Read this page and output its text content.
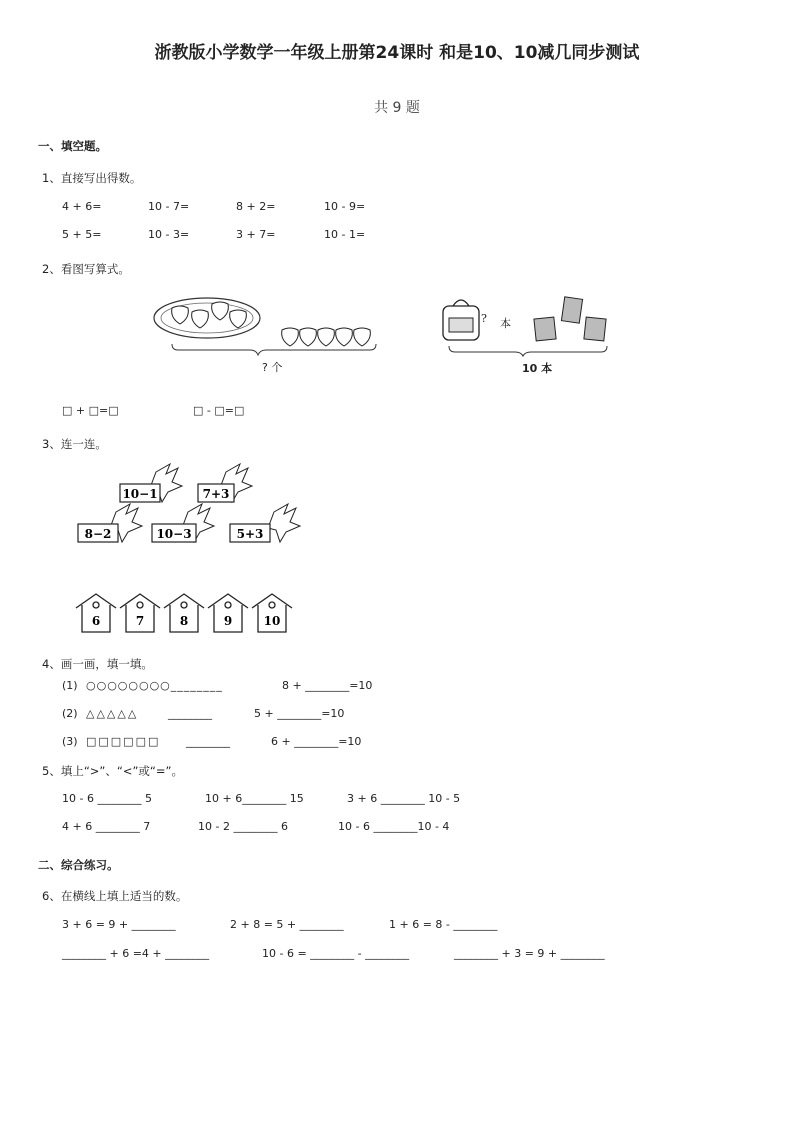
浙教版小学数学一年级上册第24课时 和是10、10减几同步测试
共 9 题
一、填空题。
1、直接写出得数。
4 + 6=	10 - 7=	8 + 2=	10 - 9=
5 + 5=	10 - 3=	3 + 7=	10 - 1=
2、看图写算式。
? 个
? 本
10 本
□ + □=□	□ - □=□
3、连一连。
10−1	7+3
8−2	10−3	5+3
6	7	8	9	10
4、画一画，填一填。
(1) ○○○○○○○○________	8 + ________=10
(2) △△△△△	________	5 + ________=10
(3) □□□□□□ ________	6 + ________=10
5、填上“>”、“<”或“=”。
10 - 6 ________ 5	10 + 6________ 15	3 + 6 ________ 10 - 5
4 + 6 ________ 7	10 - 2 ________ 6	10 - 6 ________10 - 4
二、综合练习。
6、在横线上填上适当的数。
3 + 6 = 9 + ________	2 + 8 = 5 + ________	1 + 6 = 8 - ________
________ + 6 =4 + ________	10 - 6 = ________ - ________	________ + 3 = 9 + ________
